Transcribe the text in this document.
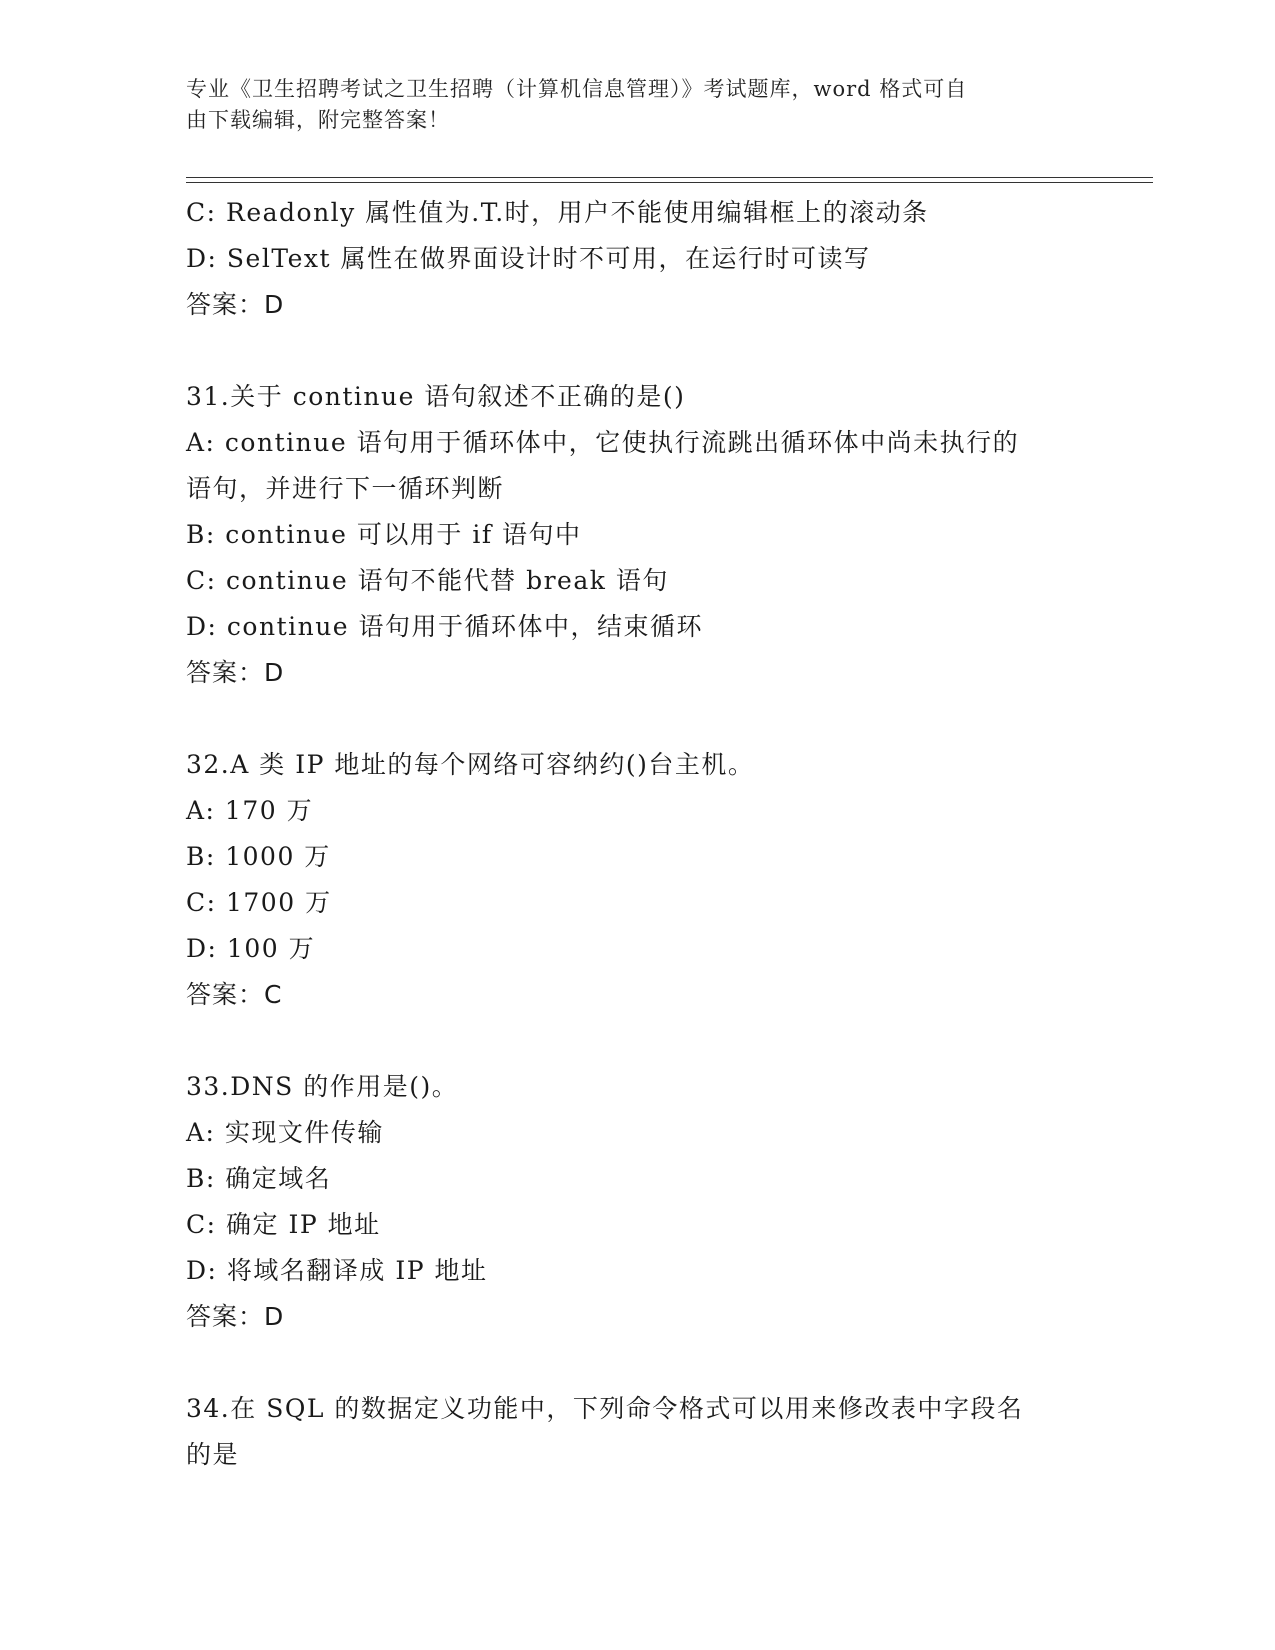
专业《卫生招聘考试之卫生招聘（计算机信息管理）》考试题库，word 格式可自
由下载编辑，附完整答案！
C: Readonly 属性值为.T.时，用户不能使用编辑框上的滚动条
D: SelText 属性在做界面设计时不可用，在运行时可读写
答案：D
31.关于 continue 语句叙述不正确的是()
A: continue 语句用于循环体中，它使执行流跳出循环体中尚未执行的
语句，并进行下一循环判断
B: continue 可以用于 if 语句中
C: continue 语句不能代替 break 语句
D: continue 语句用于循环体中，结束循环
答案：D
32.A 类 IP 地址的每个网络可容纳约()台主机。
A: 170 万
B: 1000 万
C: 1700 万
D: 100 万
答案：C
33.DNS 的作用是()。
A: 实现文件传输
B: 确定域名
C: 确定 IP 地址
D: 将域名翻译成 IP 地址
答案：D
34.在 SQL 的数据定义功能中，下列命令格式可以用来修改表中字段名
的是
